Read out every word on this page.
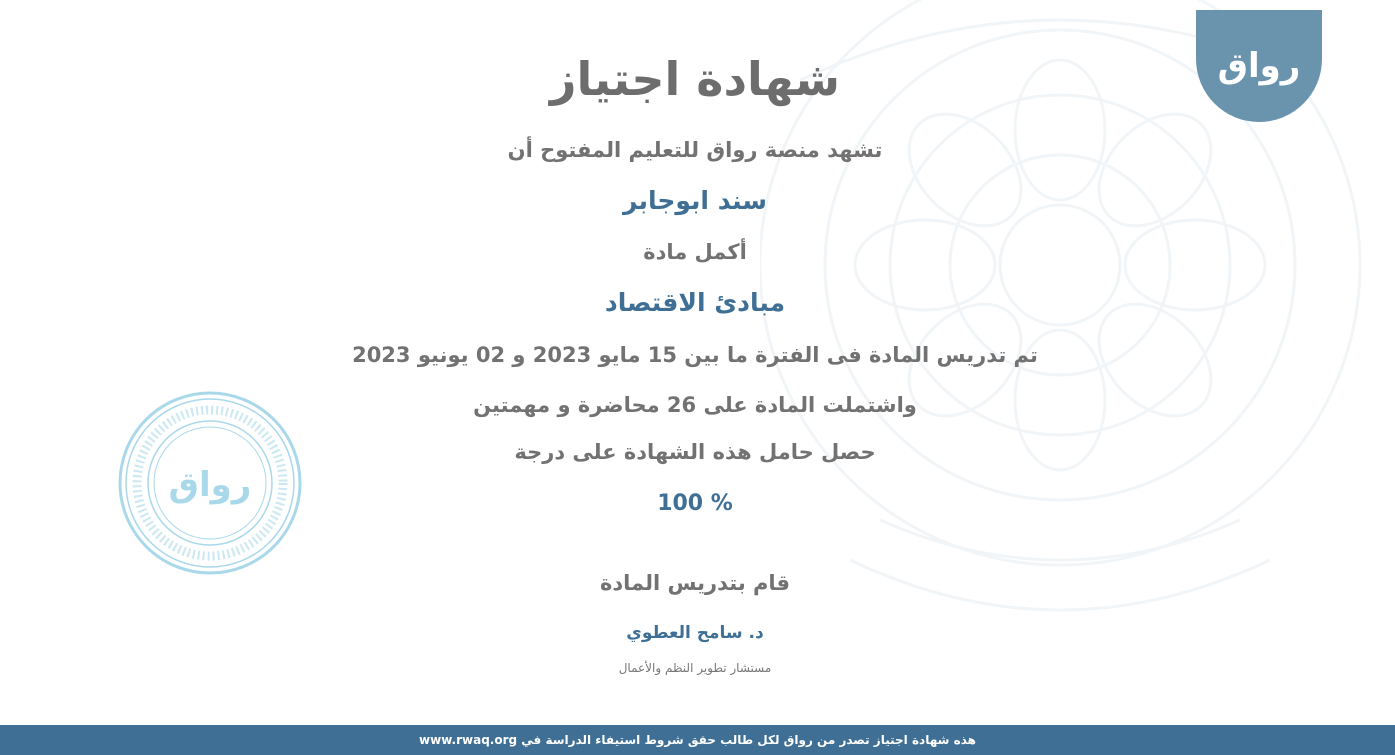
رواق
رواق
شهادة اجتياز
تشهد منصة رواق للتعليم المفتوح أن
سند ابوجابر
أكمل مادة
مبادئ الاقتصاد
تم تدريس المادة فى الفترة ما بين 15 مايو 2023 و 02 يونيو 2023
واشتملت المادة على 26 محاضرة و مهمتين
حصل حامل هذه الشهادة على درجة
100 %
قام بتدريس المادة
د. سامح العطوي
مستشار تطوير النظم والأعمال
هذه شهادة اجتياز تصدر من رواق لكل طالب حقق شروط استيفاء الدراسة في www.rwaq.org
